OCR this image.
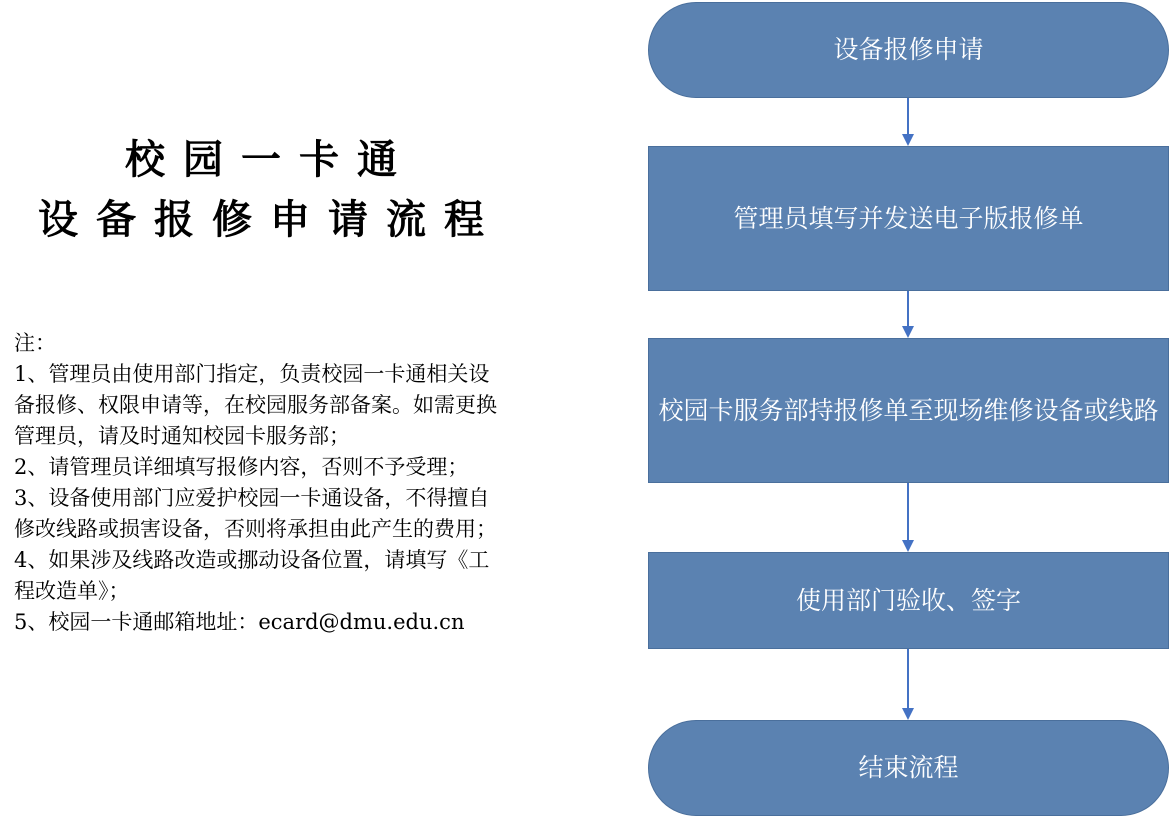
校园一卡通
设备报修申请流程
注：
1、管理员由使用部门指定，负责校园一卡通相关设
备报修、权限申请等，在校园服务部备案。如需更换
管理员，请及时通知校园卡服务部；
2、请管理员详细填写报修内容，否则不予受理；
3、设备使用部门应爱护校园一卡通设备，不得擅自
修改线路或损害设备，否则将承担由此产生的费用；
4、如果涉及线路改造或挪动设备位置，请填写《工
程改造单》；
5、校园一卡通邮箱地址：ecard@dmu.edu.cn
设备报修申请
管理员填写并发送电子版报修单
校园卡服务部持报修单至现场维修设备或线路
使用部门验收、签字
结束流程
